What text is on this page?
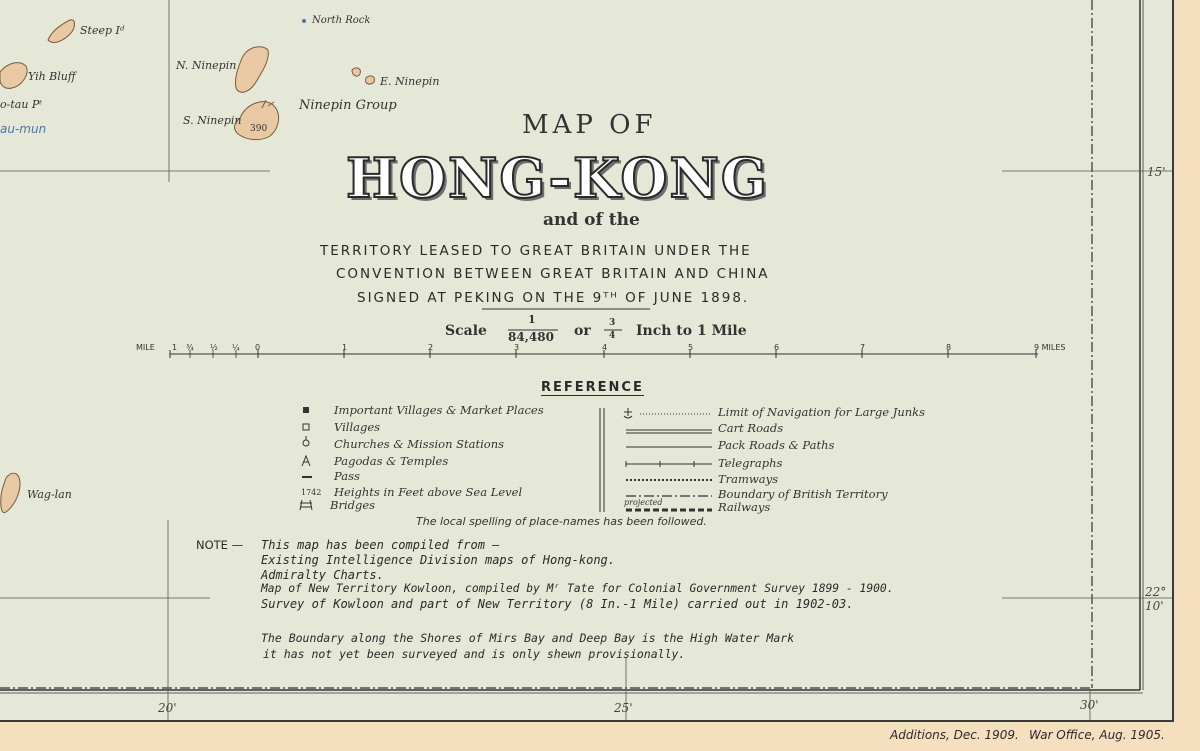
Steep Iᵈ
Yih Bluff
o-tau Pᵗ
au-mun
North Rock
N. Ninepin
E. Ninepin
S. Ninepin
Ninepin Group
390
Wag-lan
MAP OF
HONG-KONG
and of the
TERRITORY LEASED TO GREAT BRITAIN UNDER THE
CONVENTION BETWEEN GREAT BRITAIN AND CHINA
SIGNED AT PEKING ON THE 9ᵀᴴ OF JUNE 1898.
Scale
1
84,480 or 3
4 Inch to 1 Mile
MILE	9 MILES
1 ¾ ½ ¼ 0	1	2	3	4	5	6	7	8
REFERENCE
Important Villages & Market Places
Villages
Churches & Mission Stations
Pagodas & Temples
Pass
1742 Heights in Feet above Sea Level
Bridges
Limit of Navigation for Large Junks
Cart Roads
Pack Roads & Paths
Telegraphs
Tramways
Boundary of British Territory
projected	Railways
The local spelling of place-names has been followed.
NOTE — This map has been compiled from —
Existing Intelligence Division maps of Hong-kong.
Admiralty Charts.
Map of New Territory Kowloon, compiled by Mʳ Tate for Colonial Government Survey 1899 - 1900.
Survey of Kowloon and part of New Territory (8 In.-1 Mile) carried out in 1902-03.
The Boundary along the Shores of Mirs Bay and Deep Bay is the High Water Mark
it has not yet been surveyed and is only shewn provisionally.
15'
22°
10'
20'	25'	30'
Additions, Dec. 1909. War Office, Aug. 1905.
